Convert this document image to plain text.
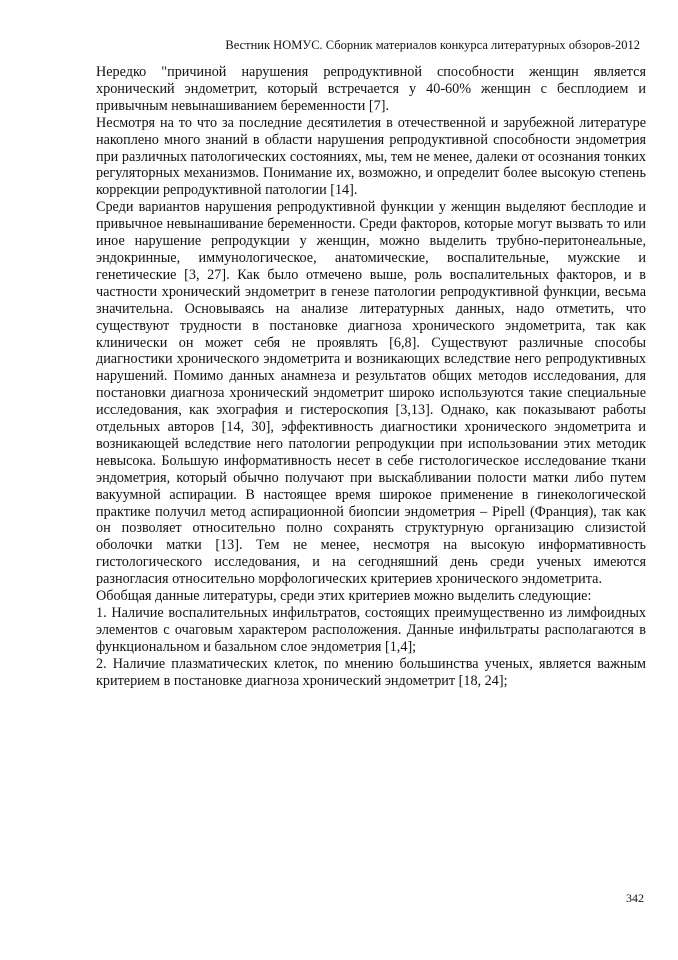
Вестник НОМУС. Сборник материалов конкурса литературных обзоров-2012

Нередко "причиной нарушения репродуктивной способности женщин является хронический эндометрит, который встречается у 40-60% женщин с бесплодием и привычным невынашиванием беременности [7].

Несмотря на то что за последние десятилетия в отечественной и зарубежной литературе накоплено много знаний в области нарушения репродуктивной способности эндометрия при различных патологических состояниях, мы, тем не менее, далеки от осознания тонких регуляторных механизмов. Понимание их, возможно, и определит более высокую степень коррекции репродуктивной патологии [14].

Среди вариантов нарушения репродуктивной функции у женщин выделяют бесплодие и привычное невынашивание беременности. Среди факторов, которые могут вызвать то или иное нарушение репродукции у женщин, можно выделить трубно-перитонеальные, эндокринные, иммунологическое, анатомические, воспалительные, мужские и генетические [3, 27]. Как было отмечено выше, роль воспалительных факторов, и в частности хронический эндометрит в генезе патологии репродуктивной функции, весьма значительна. Основываясь на анализе литературных данных, надо отметить, что существуют трудности в постановке диагноза хронического эндометрита, так как клинически он может себя не проявлять [6,8]. Существуют различные способы диагностики хронического эндометрита и возникающих вследствие него репродуктивных нарушений. Помимо данных анамнеза и результатов общих методов исследования, для постановки диагноза хронический эндометрит широко используются такие специальные исследования, как эхография и гистероскопия [3,13]. Однако, как показывают работы отдельных авторов [14, 30], эффективность диагностики хронического эндометрита и возникающей вследствие него патологии репродукции при использовании этих методик невысока. Большую информативность несет в себе гистологическое исследование ткани эндометрия, который обычно получают при выскабливании полости матки либо путем вакуумной аспирации. В настоящее время широкое применение в гинекологической практике получил метод аспирационной биопсии эндометрия – Pipell (Франция), так как он позволяет относительно полно сохранять структурную организацию слизистой оболочки матки [13]. Тем не менее, несмотря на высокую информативность гистологического исследования, и на сегодняшний день среди ученых имеются разногласия относительно морфологических критериев хронического эндометрита.

Обобщая данные литературы, среди этих критериев можно выделить следующие:

1. Наличие воспалительных инфильтратов, состоящих преимущественно из лимфоидных элементов с очаговым характером расположения. Данные инфильтраты располагаются в функциональном и базальном слое эндометрия [1,4];

2. Наличие плазматических клеток, по мнению большинства ученых, является важным критерием в постановке диагноза хронический эндометрит [18, 24];

342
